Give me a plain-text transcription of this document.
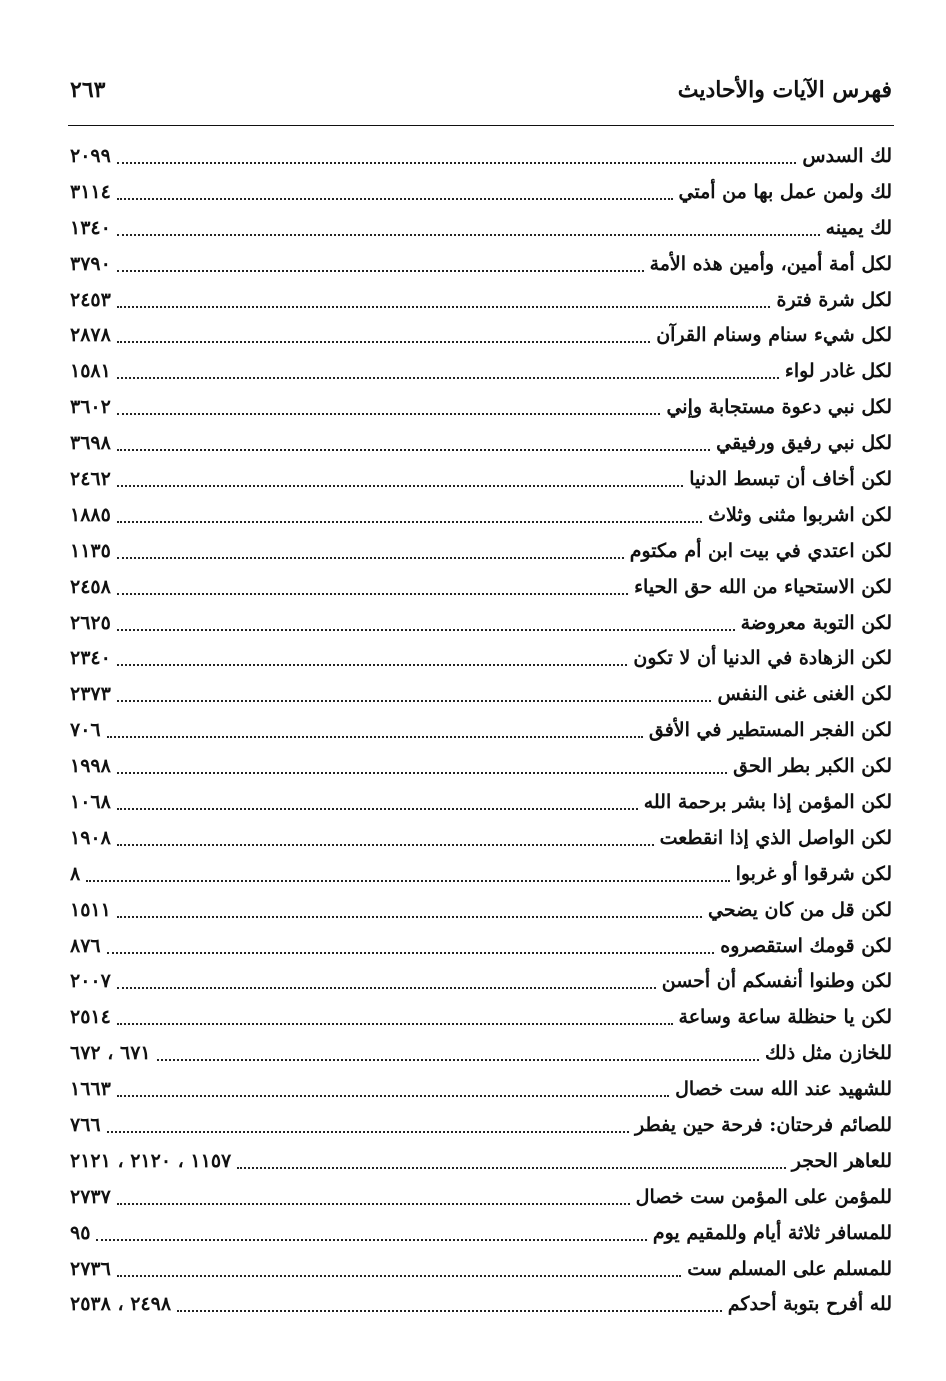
فهرس الآيات والأحاديث
٢٦٣
لك السدس
٢٠٩٩
لك ولمن عمل بها من أمتي
٣١١٤
لك يمينه
١٣٤٠
لكل أمة أمين، وأمين هذه الأمة
٣٧٩٠
لكل شرة فترة
٢٤٥٣
لكل شيء سنام وسنام القرآن
٢٨٧٨
لكل غادر لواء
١٥٨١
لكل نبي دعوة مستجابة وإني
٣٦٠٢
لكل نبي رفيق ورفيقي
٣٦٩٨
لكن أخاف أن تبسط الدنيا
٢٤٦٢
لكن اشربوا مثنى وثلاث
١٨٨٥
لكن اعتدي في بيت ابن أم مكتوم
١١٣٥
لكن الاستحياء من الله حق الحياء
٢٤٥٨
لكن التوبة معروضة
٢٦٢٥
لكن الزهادة في الدنيا أن لا تكون
٢٣٤٠
لكن الغنى غنى النفس
٢٣٧٣
لكن الفجر المستطير في الأفق
٧٠٦
لكن الكبر بطر الحق
١٩٩٨
لكن المؤمن إذا بشر برحمة الله
١٠٦٨
لكن الواصل الذي إذا انقطعت
١٩٠٨
لكن شرقوا أو غربوا
٨
لكن قل من كان يضحي
١٥١١
لكن قومك استقصروه
٨٧٦
لكن وطنوا أنفسكم أن أحسن
٢٠٠٧
لكن يا حنظلة ساعة وساعة
٢٥١٤
للخازن مثل ذلك
٦٧١ ، ٦٧٢
للشهيد عند الله ست خصال
١٦٦٣
للصائم فرحتان: فرحة حين يفطر
٧٦٦
للعاهر الحجر
١١٥٧ ، ٢١٢٠ ، ٢١٢١
للمؤمن على المؤمن ست خصال
٢٧٣٧
للمسافر ثلاثة أيام وللمقيم يوم
٩٥
للمسلم على المسلم ست
٢٧٣٦
لله أفرح بتوبة أحدكم
٢٤٩٨ ، ٢٥٣٨
